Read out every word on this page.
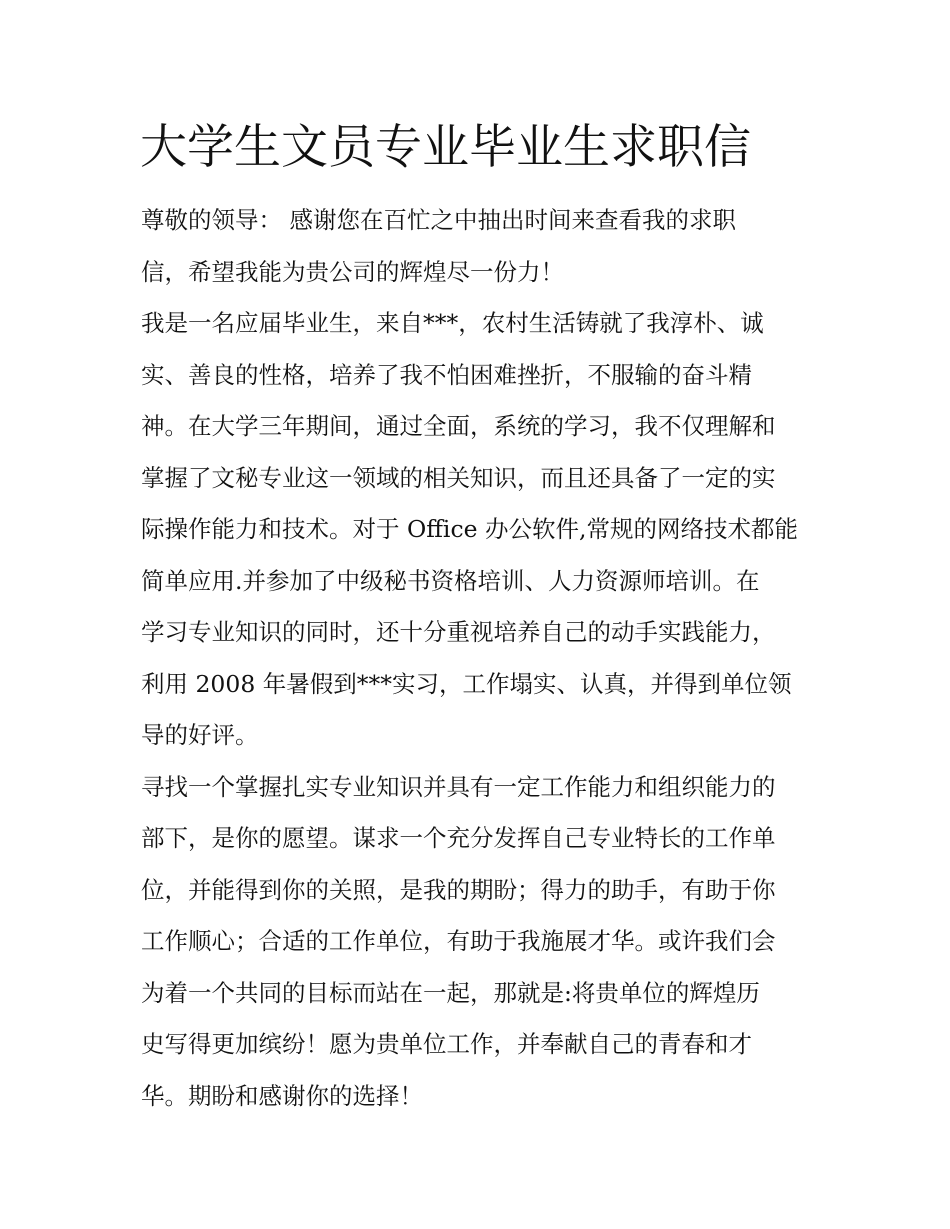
大学生文员专业毕业生求职信
尊敬的领导： 感谢您在百忙之中抽出时间来查看我的求职
信，希望我能为贵公司的辉煌尽一份力！
我是一名应届毕业生，来自***，农村生活铸就了我淳朴、诚
实、善良的性格，培养了我不怕困难挫折，不服输的奋斗精
神。在大学三年期间，通过全面，系统的学习，我不仅理解和
掌握了文秘专业这一领域的相关知识，而且还具备了一定的实
际操作能力和技术。对于 Office 办公软件,常规的网络技术都能
简单应用.并参加了中级秘书资格培训、人力资源师培训。在
学习专业知识的同时，还十分重视培养自己的动手实践能力，
利用 2008 年暑假到***实习，工作塌实、认真，并得到单位领
导的好评。
寻找一个掌握扎实专业知识并具有一定工作能力和组织能力的
部下，是你的愿望。谋求一个充分发挥自己专业特长的工作单
位，并能得到你的关照，是我的期盼；得力的助手，有助于你
工作顺心；合适的工作单位，有助于我施展才华。或许我们会
为着一个共同的目标而站在一起，那就是:将贵单位的辉煌历
史写得更加缤纷！愿为贵单位工作，并奉献自己的青春和才
华。期盼和感谢你的选择！
